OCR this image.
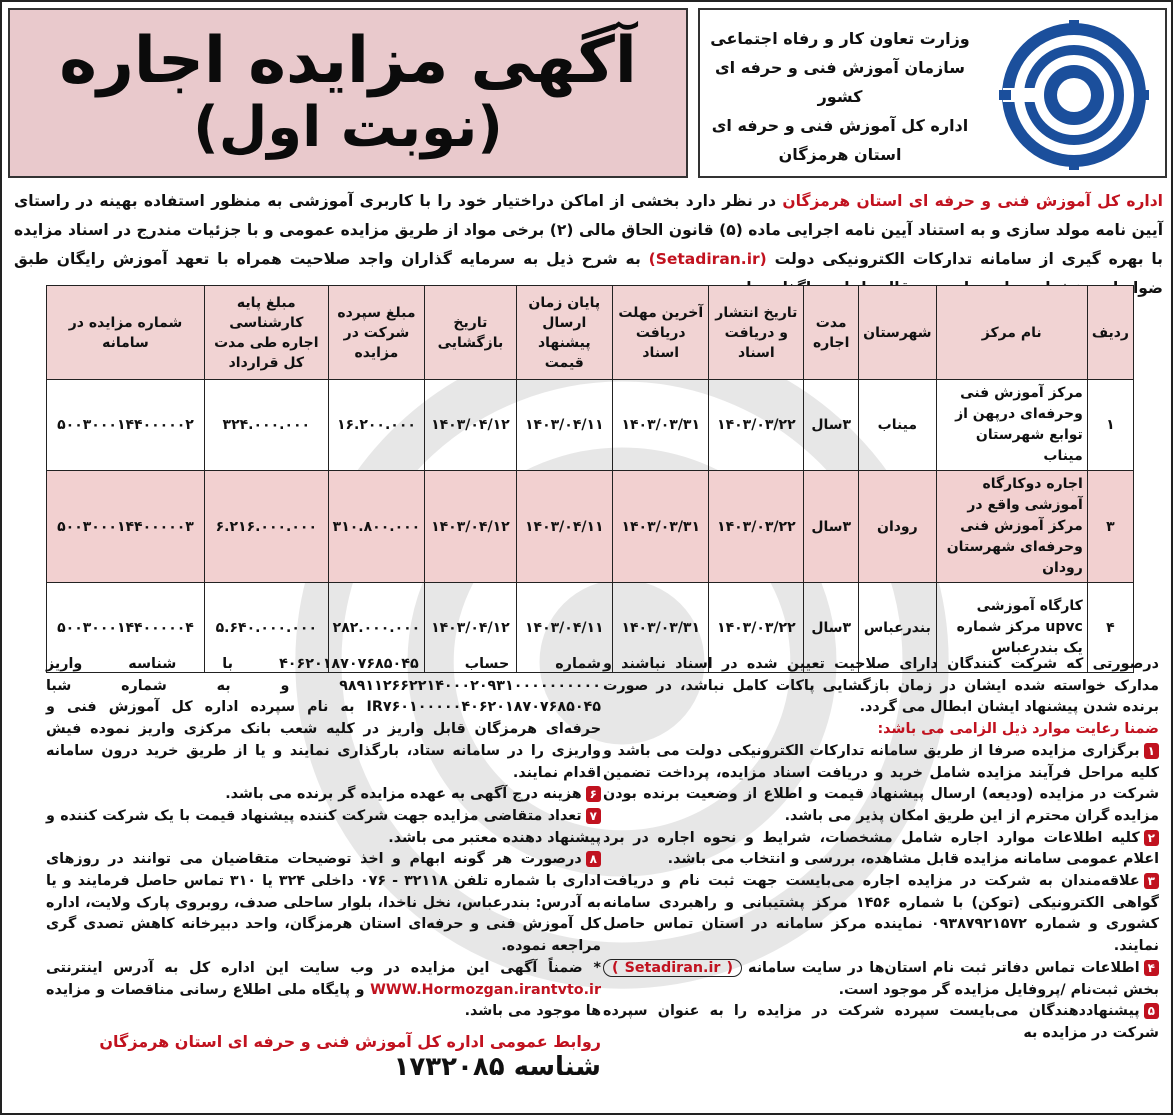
آگهی مزایده اجاره
(نوبت اول)
وزارت تعاون کار و رفاه اجتماعی
سازمان آموزش فنی و حرفه ای کشور
اداره کل آموزش فنی و حرفه ای
استان هرمزگان
اداره کل آموزش فنی و حرفه ای استان هرمزگان در نظر دارد بخشی از اماکن دراختیار خود را با کاربری آموزشی به منظور استفاده بهینه در راستای آیین نامه مولد سازی و به استناد آیین نامه اجرایی ماده (۵) قانون الحاق مالی (۲) برخی مواد از طریق مزایده عمومی و با جزئیات مندرج در اسناد مزایده با بهره گیری از سامانه تدارکات الکترونیکی دولت (Setadiran.ir) به شرح ذیل به سرمایه گذاران واجد صلاحیت همراه با تعهد آموزش رایگان طبق ضوابط و بخشنامه های صادره در قالب اجاره واگذار نمایند.
ردیف	نام مرکز	شهرستان	مدت اجاره	تاریخ انتشار و دریافت اسناد	آخرین مهلت دریافت اسناد	پایان زمان ارسال پیشنهاد قیمت	تاریخ بازگشایی	مبلغ سپرده شرکت در مزایده	مبلغ پایه کارشناسی اجاره طی مدت کل قرارداد	شماره مزایده در سامانه
۱	مرکز آموزش فنی وحرفه‌ای درپهن از توابع شهرستان میناب	میناب	۳سال	۱۴۰۳/۰۳/۲۲	۱۴۰۳/۰۳/۳۱	۱۴۰۳/۰۴/۱۱	۱۴۰۳/۰۴/۱۲	۱۶.۲۰۰.۰۰۰	۳۲۴.۰۰۰.۰۰۰	۵۰۰۳۰۰۰۱۴۴۰۰۰۰۰۲
۳	اجاره دوکارگاه آموزشی واقع در مرکز آموزش فنی وحرفه‌ای شهرستان رودان	رودان	۳سال	۱۴۰۳/۰۳/۲۲	۱۴۰۳/۰۳/۳۱	۱۴۰۳/۰۴/۱۱	۱۴۰۳/۰۴/۱۲	۳۱۰.۸۰۰.۰۰۰	۶.۲۱۶.۰۰۰.۰۰۰	۵۰۰۳۰۰۰۱۴۴۰۰۰۰۰۳
۴	کارگاه آموزشی upvc مرکز شماره یک بندرعباس	بندرعباس	۳سال	۱۴۰۳/۰۳/۲۲	۱۴۰۳/۰۳/۳۱	۱۴۰۳/۰۴/۱۱	۱۴۰۳/۰۴/۱۲	۲۸۲.۰۰۰.۰۰۰	۵.۶۴۰.۰۰۰.۰۰۰	۵۰۰۳۰۰۰۱۴۴۰۰۰۰۰۴

درصورتی که شرکت کنندگان دارای صلاحیت تعیین شده در اسناد نباشند و مدارک خواسته شده ایشان در زمان بازگشایی پاکات کامل نباشد، در صورت برنده شدن پیشنهاد ایشان ابطال می گردد.

ضمنا رعایت موارد ذیل الزامی می باشد:

۱برگزاری مزایده صرفا از طریق سامانه تدارکات الکترونیکی دولت می باشد و کلیه مراحل فرآیند مزایده شامل خرید و دریافت اسناد مزایده، پرداخت تضمین شرکت در مزایده (ودیعه) ارسال پیشنهاد قیمت و اطلاع از وضعیت برنده بودن مزایده گران محترم از این طریق امکان پذیر می باشد.

۲کلیه اطلاعات موارد اجاره شامل مشخصات، شرایط و نحوه اجاره در برد اعلام عمومی سامانه مزایده قابل مشاهده، بررسی و انتخاب می باشد.

۳علاقه‌مندان به شرکت در مزایده اجاره می‌بایست جهت ثبت نام و دریافت گواهی الکترونیکی (توکن) با شماره ۱۴۵۶ مرکز پشتیبانی و راهبردی سامانه کشوری و شماره ۰۹۳۸۷۹۲۱۵۷۲ نماینده مرکز سامانه در استان تماس حاصل نمایند.

۴اطلاعات تماس دفاتر ثبت نام استان‌ها در سایت سامانه ( Setadiran.ir ) بخش ثبت‌نام /پروفایل مزایده گر موجود است.

۵پیشنهاددهندگان می‌بایست سپرده شرکت در مزایده را به عنوان سپرده شرکت در مزایده به

شماره حساب ۴۰۶۲۰۱۸۷۰۷۶۸۵۰۴۵ با شناسه واریز ۹۸۹۱۱۲۶۶۲۲۱۴۰۰۰۲۰۹۳۱۰۰۰۰۰۰۰۰۰۰ و به شماره شبا IR۷۶۰۱۰۰۰۰۰۴۰۶۲۰۱۸۷۰۷۶۸۵۰۴۵ به نام سپرده اداره کل آموزش فنی و حرفه‌ای هرمزگان قابل واریز در کلیه شعب بانک مرکزی واریز نموده فیش واریزی را در سامانه ستاد، بارگذاری نمایند و یا از طریق خرید درون سامانه اقدام نمایند.

۶هزینه درج آگهی به عهده مزایده گر برنده می باشد.

۷تعداد متقاضی مزایده جهت شرکت کننده پیشنهاد قیمت با یک شرکت کننده و پیشنهاد دهنده معتبر می باشد.

۸درصورت هر گونه ابهام و اخذ توضیحات متقاضیان می توانند در روزهای اداری با شماره تلفن ۳۲۱۱۸ - ۰۷۶ داخلی ۳۲۴ یا ۳۱۰ تماس حاصل فرمایند و یا به آدرس: بندرعباس، نخل ناخدا، بلوار ساحلی صدف، روبروی پارک ولایت، اداره کل آموزش فنی و حرفه‌ای استان هرمزگان، واحد دبیرخانه کاهش تصدی گری مراجعه نموده.

* ضمناً آگهی این مزایده در وب سایت این اداره کل به آدرس اینترنتی WWW.Hormozgan.irantvto.ir و پایگاه ملی اطلاع رسانی مناقصات و مزایده ها موجود می باشد.

روابط عمومی اداره کل آموزش فنی و حرفه ای استان هرمزگان

شناسه ۱۷۳۲۰۸۵
